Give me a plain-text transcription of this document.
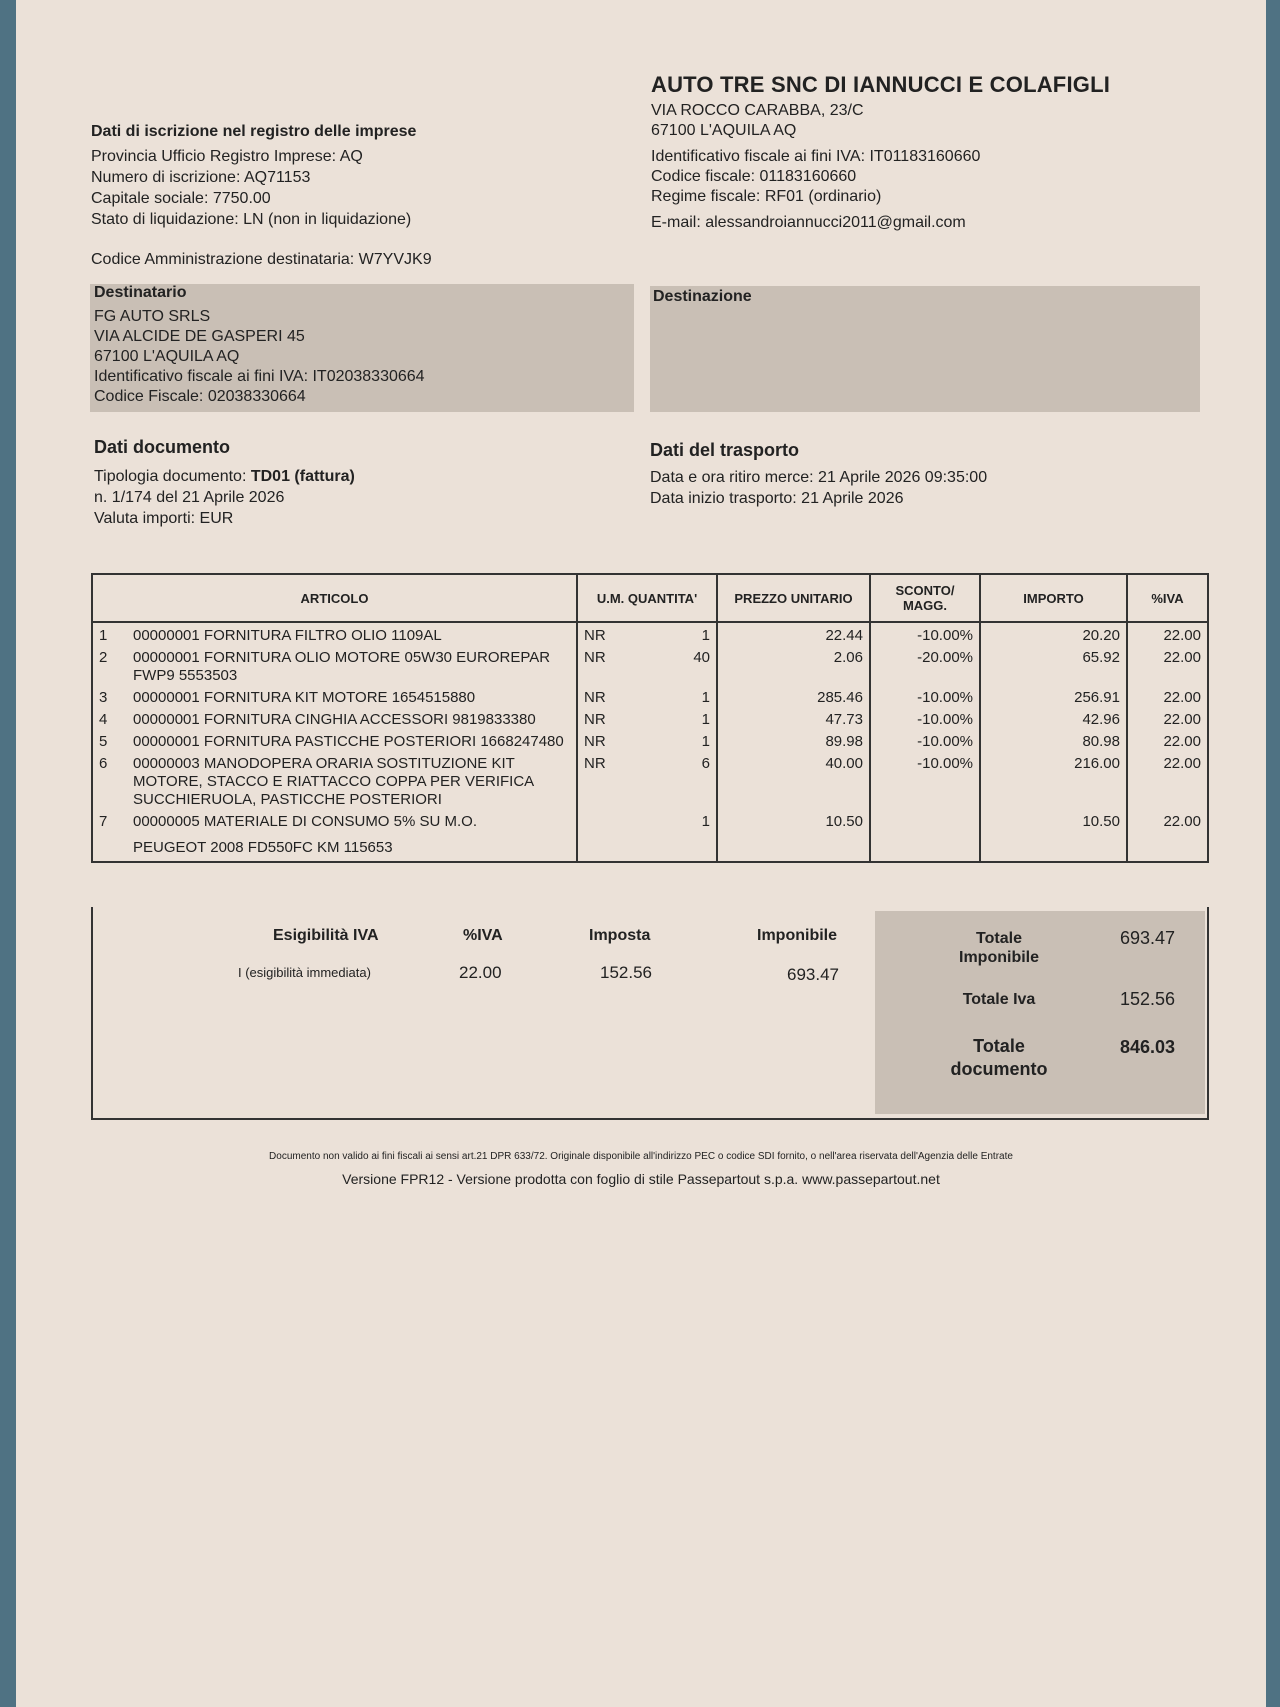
AUTO TRE SNC DI IANNUCCI E COLAFIGLI
VIA ROCCO CARABBA, 23/C
67100 L'AQUILA AQ
Identificativo fiscale ai fini IVA: IT01183160660
Codice fiscale: 01183160660
Regime fiscale: RF01 (ordinario)
E-mail: alessandroiannucci2011@gmail.com
Dati di iscrizione nel registro delle imprese
Provincia Ufficio Registro Imprese: AQ
Numero di iscrizione: AQ71153
Capitale sociale: 7750.00
Stato di liquidazione: LN (non in liquidazione)
Codice Amministrazione destinataria: W7YVJK9
Destinatario
FG AUTO SRLS
VIA ALCIDE DE GASPERI 45
67100 L'AQUILA AQ
Identificativo fiscale ai fini IVA: IT02038330664
Codice Fiscale: 02038330664
Destinazione
Dati documento
Tipologia documento: TD01 (fattura)
n. 1/174 del 21 Aprile 2026
Valuta importi: EUR
Dati del trasporto
Data e ora ritiro merce: 21 Aprile 2026 09:35:00
Data inizio trasporto: 21 Aprile 2026
ARTICOLO	U.M. QUANTITA'	PREZZO UNITARIO	SCONTO/
MAGG.	IMPORTO	%IVA

1 00000001 FORNITURA FILTRO OLIO 1109AL	NR 1	22.44	-10.00%	20.20	22.00

2 00000001 FORNITURA OLIO MOTORE 05W30 EUROREPAR FWP9 5553503	NR 40	2.06	-20.00%	65.92	22.00

3 00000001 FORNITURA KIT MOTORE 1654515880	NR 1	285.46	-10.00%	256.91	22.00

4 00000001 FORNITURA CINGHIA ACCESSORI 9819833380	NR 1	47.73	-10.00%	42.96	22.00

5 00000001 FORNITURA PASTICCHE POSTERIORI 1668247480	NR 1	89.98	-10.00%	80.98	22.00

6 00000003 MANODOPERA ORARIA SOSTITUZIONE KIT MOTORE, STACCO E RIATTACCO COPPA PER VERIFICA SUCCHIERUOLA, PASTICCHE POSTERIORI	NR 6	40.00	-10.00%	216.00	22.00

7 00000005 MATERIALE DI CONSUMO 5% SU M.O.	1	10.50		10.50	22.00

PEUGEOT 2008 FD550FC KM 115653					

Esigibilità IVA	%IVA	Imposta	Imponibile
I (esigibilità immediata)	22.00	152.56	693.47
Totale
Imponibile
693.47
Totale Iva	152.56
Totale
documento
846.03
Documento non valido ai fini fiscali ai sensi art.21 DPR 633/72. Originale disponibile all'indirizzo PEC o codice SDI fornito, o nell'area riservata dell'Agenzia delle Entrate
Versione FPR12 - Versione prodotta con foglio di stile Passepartout s.p.a. www.passepartout.net
